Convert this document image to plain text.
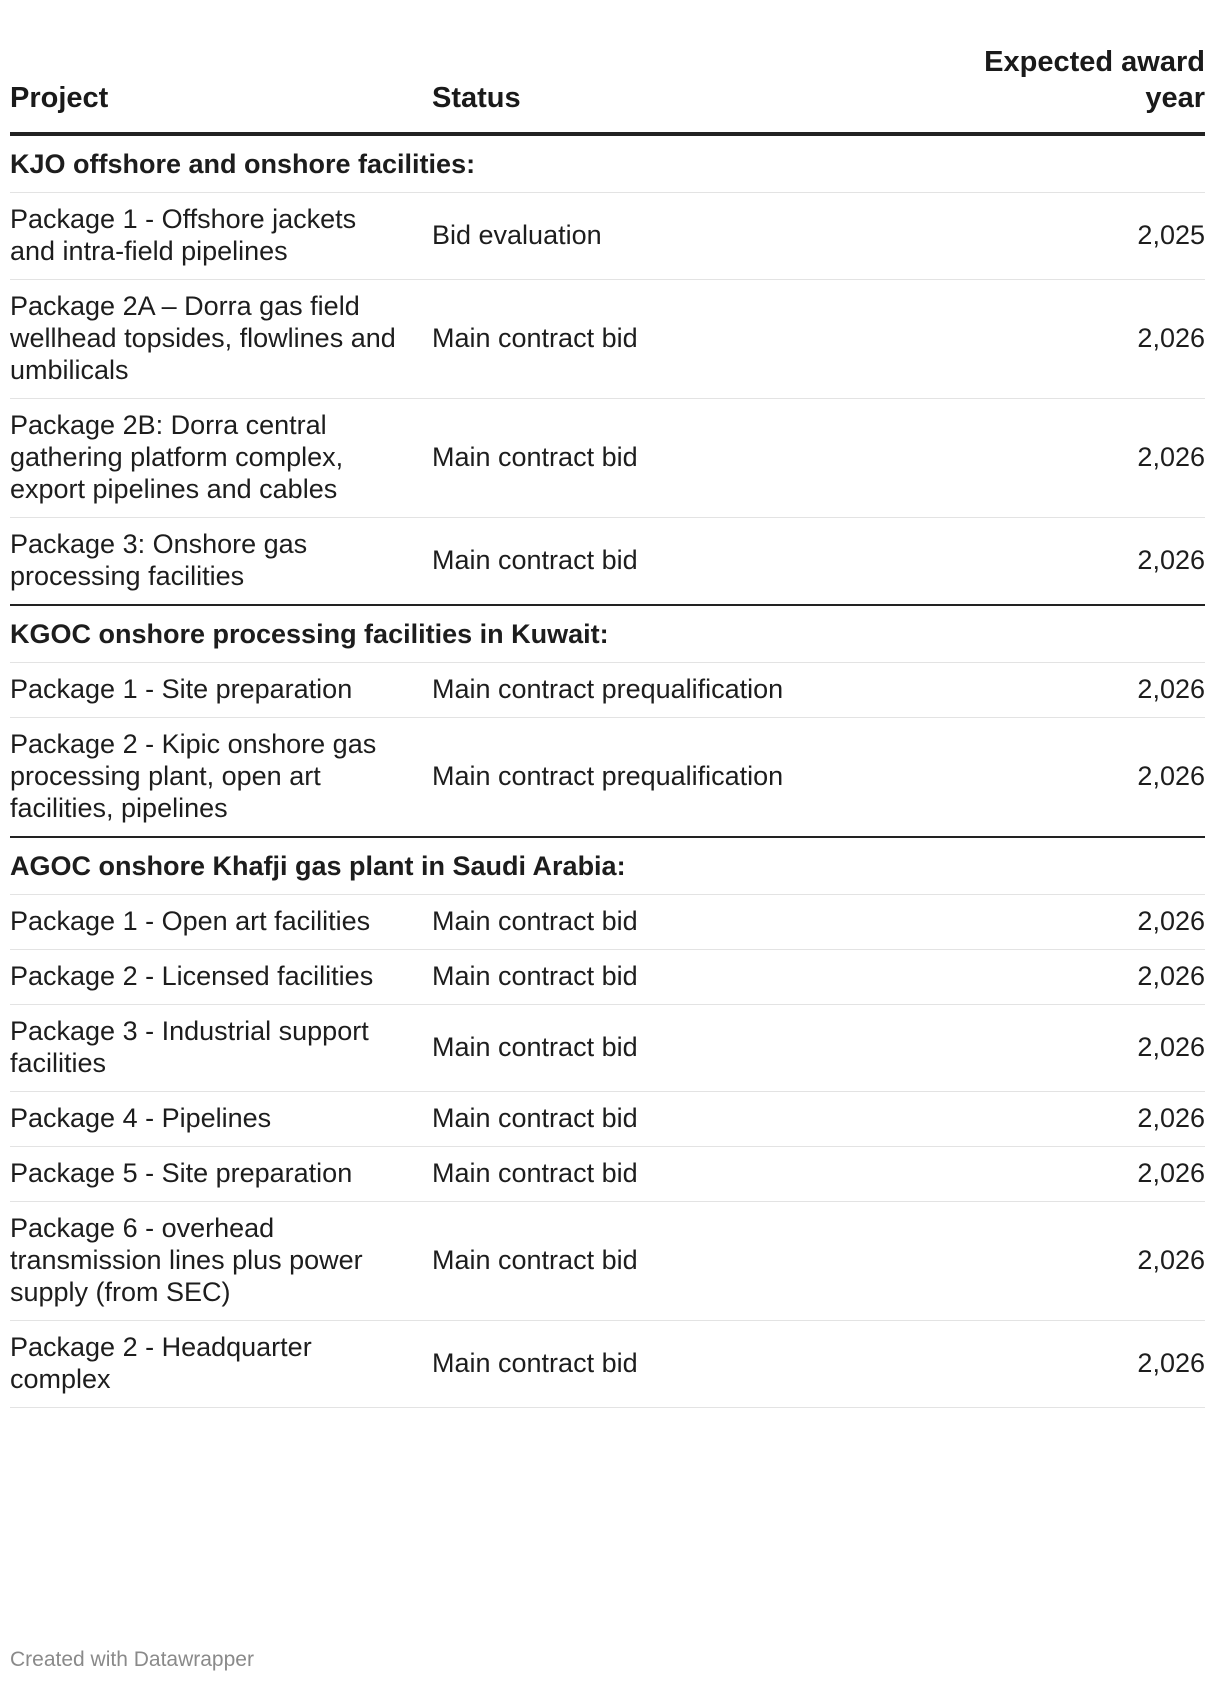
Project	Status	Expected award year
KJO offshore and onshore facilities:		
Package 1 - Offshore jackets and intra-field pipelines	Bid evaluation	2,025
Package 2A – Dorra gas field wellhead topsides, flowlines and umbilicals	Main contract bid	2,026
Package 2B: Dorra central gathering platform complex, export pipelines and cables	Main contract bid	2,026
Package 3: Onshore gas processing facilities	Main contract bid	2,026
KGOC onshore processing facilities in Kuwait:		
Package 1 - Site preparation	Main contract prequalification	2,026
Package 2 - Kipic onshore gas processing plant, open art facilities, pipelines	Main contract prequalification	2,026
AGOC onshore Khafji gas plant in Saudi Arabia:		
Package 1 - Open art facilities	Main contract bid	2,026
Package 2 - Licensed facilities	Main contract bid	2,026
Package 3 - Industrial support facilities	Main contract bid	2,026
Package 4 - Pipelines	Main contract bid	2,026
Package 5 - Site preparation	Main contract bid	2,026
Package 6 - overhead transmission lines plus power supply (from SEC)	Main contract bid	2,026
Package 2 - Headquarter complex	Main contract bid	2,026
Created with Datawrapper
